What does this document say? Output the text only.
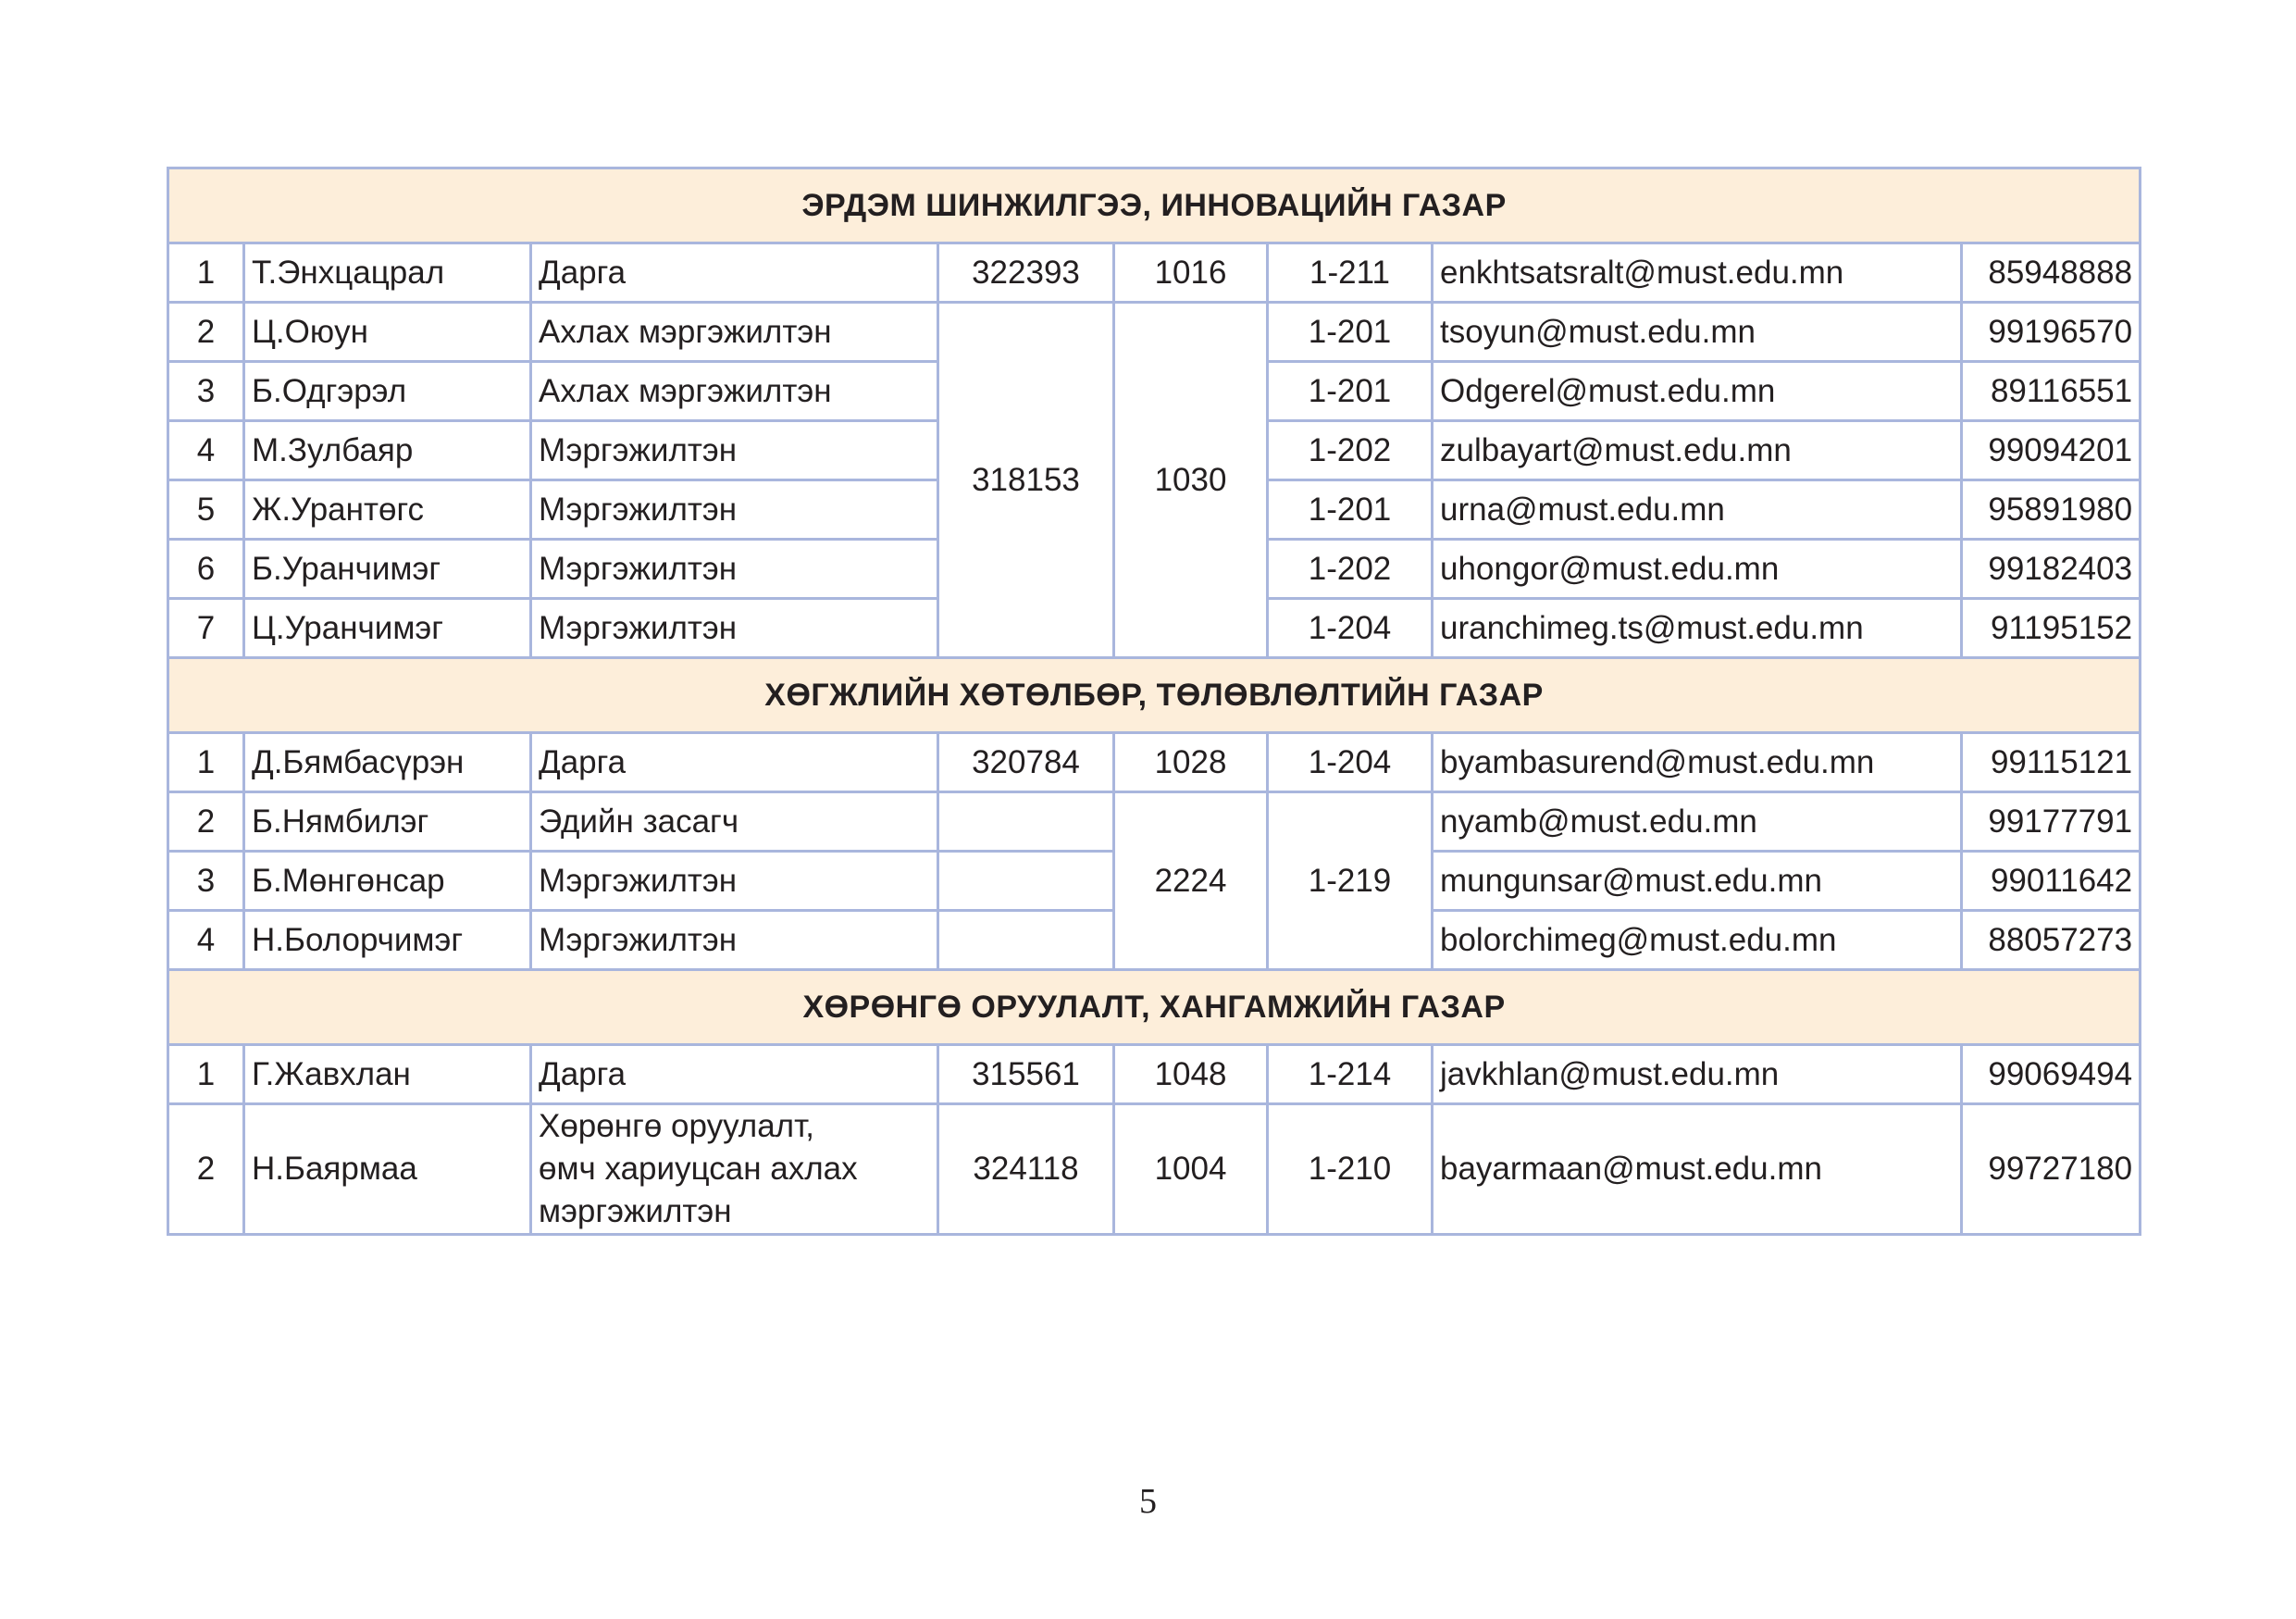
ЭРДЭМ ШИНЖИЛГЭЭ, ИННОВАЦИЙН ГАЗАР							
1	Т.Энхцацрал	Дарга	322393	1016	1-211	enkhtsatsralt@must.edu.mn	85948888
2	Ц.Оюун	Ахлах мэргэжилтэн	318153	1030	1-201	tsoyun@must.edu.mn	99196570
3	Б.Одгэрэл	Ахлах мэргэжилтэн			1-201	Odgerel@must.edu.mn	89116551
4	М.Зулбаяр	Мэргэжилтэн			1-202	zulbayart@must.edu.mn	99094201
5	Ж.Урантөгс	Мэргэжилтэн			1-201	urna@must.edu.mn	95891980
6	Б.Уранчимэг	Мэргэжилтэн			1-202	uhongor@must.edu.mn	99182403
7	Ц.Уранчимэг	Мэргэжилтэн			1-204	uranchimeg.ts@must.edu.mn	91195152
ХӨГЖЛИЙН ХӨТӨЛБӨР, ТӨЛӨВЛӨЛТИЙН ГАЗАР							
1	Д.Бямбасүрэн	Дарга	320784	1028	1-204	byambasurend@must.edu.mn	99115121
2	Б.Нямбилэг	Эдийн засагч		2224	1-219	nyamb@must.edu.mn	99177791
3	Б.Мөнгөнсар	Мэргэжилтэн				mungunsar@must.edu.mn	99011642
4	Н.Болорчимэг	Мэргэжилтэн				bolorchimeg@must.edu.mn	88057273
ХӨРӨНГӨ ОРУУЛАЛТ, ХАНГАМЖИЙН ГАЗАР							
1	Г.Жавхлан	Дарга	315561	1048	1-214	javkhlan@must.edu.mn	99069494
2	Н.Баярмаа	Хөрөнгө оруулалт,
өмч хариуцсан ахлах
мэргэжилтэн	324118	1004	1-210	bayarmaan@must.edu.mn	99727180
5
